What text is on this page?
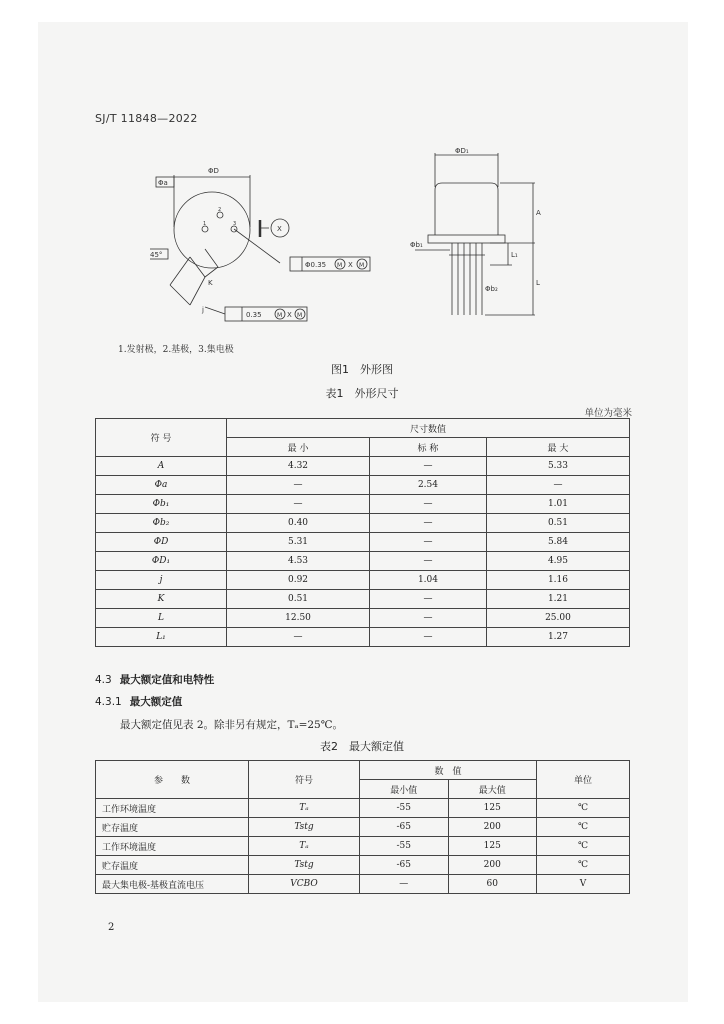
SJ/T 11848—2022
ΦD
Φa
45°
K
j
1
2
3
X
Φ0.35 M X M
0.35	M X M
ΦD₁
A
Φb₁
L₁
Φb₂
L
1.发射极，2.基极，3.集电极
图1　外形图
表1　外形尺寸
单位为毫米
符 号	尺寸数值		
	最 小	标 称	最 大
A	4.32	—	5.33
Φa	—	2.54	—
Φb₁	—	—	1.01
Φb₂	0.40	—	0.51
ΦD	5.31	—	5.84
ΦD₁	4.53	—	4.95
j	0.92	1.04	1.16
K	0.51	—	1.21
L	12.50	—	25.00
L₁	—	—	1.27
4.3 最大额定值和电特性
4.3.1 最大额定值
最大额定值见表 2。除非另有规定，Tₐ=25℃。
表2　最大额定值
参　　数	符号	数　值		单位
		最小值	最大值	
工作环境温度	Tₐ	-55	125	℃
贮存温度	Tstg	-65	200	℃
工作环境温度	Tₐ	-55	125	℃
贮存温度	Tstg	-65	200	℃
最大集电极-基极直流电压	VCBO	—	60	V
2
